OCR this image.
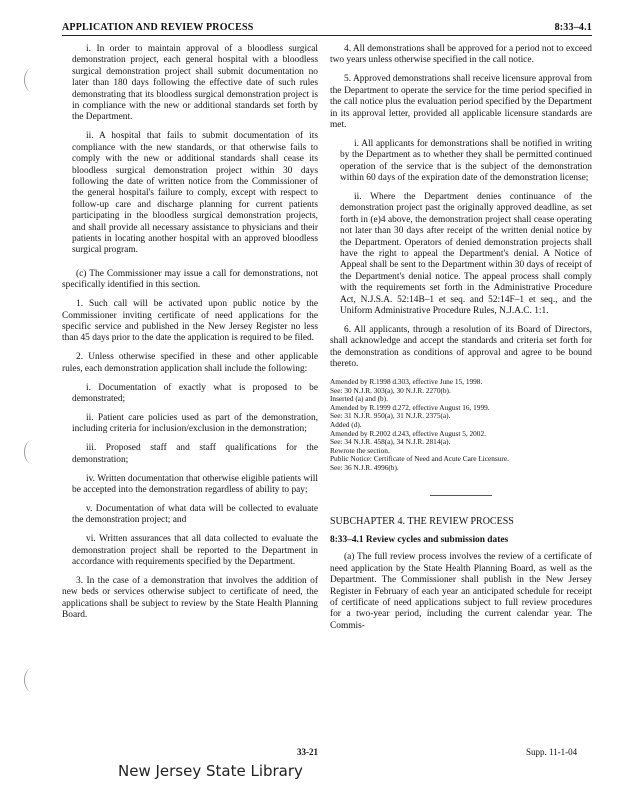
APPLICATION AND REVIEW PROCESS	8:33–4.1

i. In order to maintain approval of a bloodless surgical demonstration project, each general hospital with a bloodless surgical demonstration project shall submit documentation no later than 180 days following the effective date of such rules demonstrating that its bloodless surgical demonstration project is in compliance with the new or additional standards set forth by the Department.

ii. A hospital that fails to submit documentation of its compliance with the new standards, or that otherwise fails to comply with the new or additional standards shall cease its bloodless surgical demonstration project within 30 days following the date of written notice from the Commissioner of the general hospital's failure to comply, except with respect to follow-up care and discharge planning for current patients participating in the bloodless surgical demonstration projects, and shall provide all necessary assistance to physicians and their patients in locating another hospital with an approved bloodless surgical program.

(c) The Commissioner may issue a call for demonstrations, not specifically identified in this section.

1. Such call will be activated upon public notice by the Commissioner inviting certificate of need applications for the specific service and published in the New Jersey Register no less than 45 days prior to the date the application is required to be filed.

2. Unless otherwise specified in these and other applicable rules, each demonstration application shall include the following:

i. Documentation of exactly what is proposed to be demonstrated;

ii. Patient care policies used as part of the demonstration, including criteria for inclusion/exclusion in the demonstration;

iii. Proposed staff and staff qualifications for the demonstration;

iv. Written documentation that otherwise eligible patients will be accepted into the demonstration regardless of ability to pay;

v. Documentation of what data will be collected to evaluate the demonstration project; and

vi. Written assurances that all data collected to evaluate the demonstration project shall be reported to the Department in accordance with requirements specified by the Department.

3. In the case of a demonstration that involves the addition of new beds or services otherwise subject to certificate of need, the applications shall be subject to review by the State Health Planning Board.

4. All demonstrations shall be approved for a period not to exceed two years unless otherwise specified in the call notice.

5. Approved demonstrations shall receive licensure approval from the Department to operate the service for the time period specified in the call notice plus the evaluation period specified by the Department in its approval letter, provided all applicable licensure standards are met.

i. All applicants for demonstrations shall be notified in writing by the Department as to whether they shall be permitted continued operation of the service that is the subject of the demonstration within 60 days of the expiration date of the demonstration license;

ii. Where the Department denies continuance of the demonstration project past the originally approved deadline, as set forth in (e)4 above, the demonstration project shall cease operating not later than 30 days after receipt of the written denial notice by the Department. Operators of denied demonstration projects shall have the right to appeal the Department's denial. A Notice of Appeal shall be sent to the Department within 30 days of receipt of the Department's denial notice. The appeal process shall comply with the requirements set forth in the Administrative Procedure Act, N.J.S.A. 52:14B–1 et seq. and 52:14F–1 et seq., and the Uniform Administrative Procedure Rules, N.J.A.C. 1:1.

6. All applicants, through a resolution of its Board of Directors, shall acknowledge and accept the standards and criteria set forth for the demonstration as conditions of approval and agree to be bound thereto.

Amended by R.1998 d.303, effective June 15, 1998.

See: 30 N.J.R. 303(a), 30 N.J.R. 2270(b).

Inserted (a) and (b).

Amended by R.1999 d.272, effective August 16, 1999.

See: 31 N.J.R. 950(a), 31 N.J.R. 2375(a).

Added (d).

Amended by R.2002 d.243, effective August 5, 2002.

See: 34 N.J.R. 458(a), 34 N.J.R. 2814(a).

Rewrote the section.

Public Notice: Certificate of Need and Acute Care Licensure.

See: 36 N.J.R. 4996(b).

SUBCHAPTER 4. THE REVIEW PROCESS

8:33–4.1 Review cycles and submission dates

(a) The full review process involves the review of a certificate of need application by the State Health Planning Board, as well as the Department. The Commissioner shall publish in the New Jersey Register in February of each year an anticipated schedule for receipt of certificate of need applications subject to full review procedures for a two-year period, including the current calendar year. The Commis-

33-21	Supp. 11-1-04
New Jersey State Library
